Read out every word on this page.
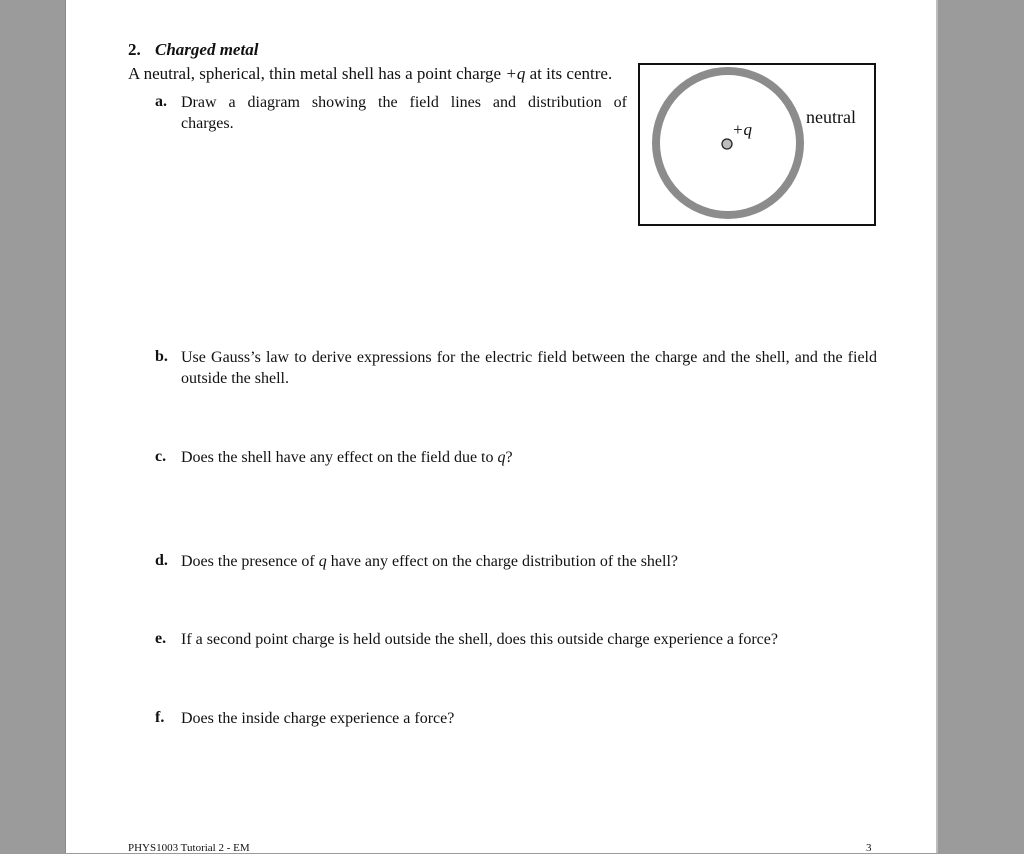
2. Charged metal
A neutral, spherical, thin metal shell has a point charge +q at its centre.
a. Draw a diagram showing the field lines and distribution of
charges.	+q
neutral
b. Use Gauss’s law to derive expressions for the electric field between the charge and the shell, and the field outside the shell.
c. Does the shell have any effect on the field due to q?
d. Does the presence of q have any effect on the charge distribution of the shell?
e. If a second point charge is held outside the shell, does this outside charge experience a force?
f. Does the inside charge experience a force?
PHYS1003 Tutorial 2 - EM	3
